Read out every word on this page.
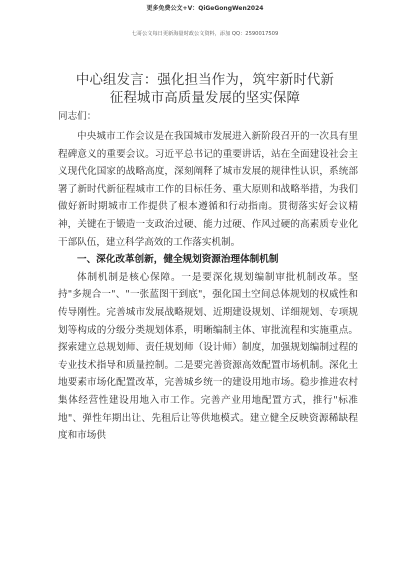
更多免费公文+V：QiGeGongWen2024
七哥公文每日更新海量时政公文资料，添加 QQ：2590017509
中心组发言：强化担当作为，筑牢新时代新
征程城市高质量发展的坚实保障
同志们：

中央城市工作会议是在我国城市发展进入新阶段召开的一次具有里程碑意义的重要会议。习近平总书记的重要讲话，站在全面建设社会主义现代化国家的战略高度，深刻阐释了城市发展的规律性认识，系统部署了新时代新征程城市工作的目标任务、重大原则和战略举措，为我们做好新时期城市工作提供了根本遵循和行动指南。贯彻落实好会议精神，关键在于锻造一支政治过硬、能力过硬、作风过硬的高素质专业化干部队伍，建立科学高效的工作落实机制。

一、深化改革创新，健全规划资源治理体制机制

体制机制是核心保障。一是要深化规划编制审批机制改革。坚持"多规合一"、"一张蓝图干到底"，强化国土空间总体规划的权威性和传导刚性。完善城市发展战略规划、近期建设规划、详细规划、专项规划等构成的分级分类规划体系，明晰编制主体、审批流程和实施重点。探索建立总规划师、责任规划师（设计师）制度，加强规划编制过程的专业技术指导和质量控制。二是要完善资源高效配置市场机制。深化土地要素市场化配置改革，完善城乡统一的建设用地市场。稳步推进农村集体经营性建设用地入市工作。完善产业用地配置方式，推行"标准地"、弹性年期出让、先租后让等供地模式。建立健全反映资源稀缺程度和市场供
